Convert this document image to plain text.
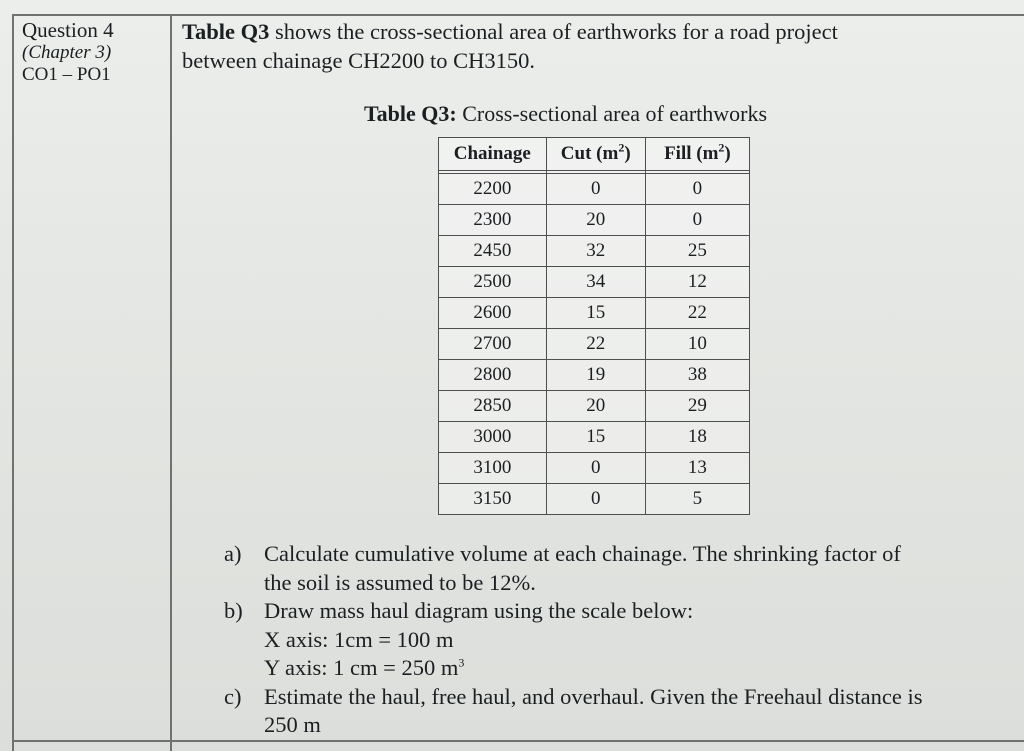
Question 4
(Chapter 3)
CO1 – PO1
Table Q3 shows the cross-sectional area of earthworks for a road project
between chainage CH2200 to CH3150.
Table Q3: Cross-sectional area of earthworks
Chainage	Cut $(m^2)$	Fill $(m^2)$

2200	0	0
2300	20	0
2450	32	25
2500	34	12
2600	15	22
2700	22	10
2800	19	38
2850	20	29
3000	15	18
3100	0	13
3150	0	5
a) Calculate cumulative volume at each chainage. The shrinking factor of
the soil is assumed to be 12%.
b) Draw mass haul diagram using the scale below:
X axis: 1cm = 100 m
Y axis: 1 cm = 250 $m^3$
c) Estimate the haul, free haul, and overhaul. Given the Freehaul distance is
250 m
